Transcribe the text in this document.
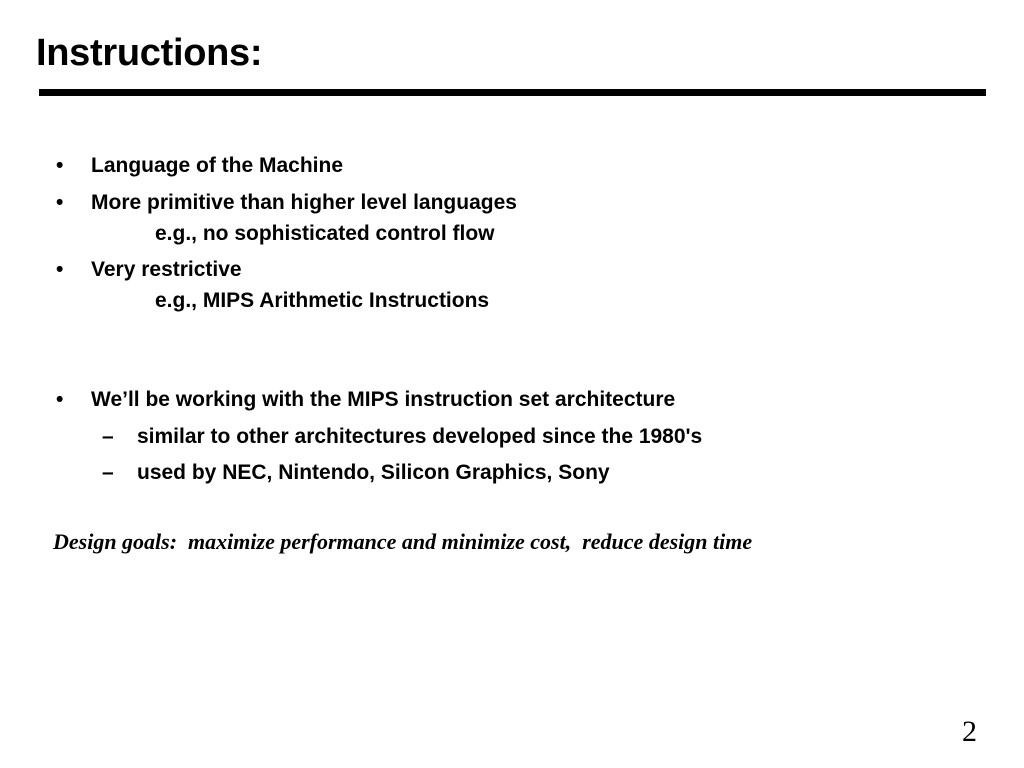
Instructions:
• Language of the Machine
• More primitive than higher level languages
e.g., no sophisticated control flow
• Very restrictive
e.g., MIPS Arithmetic Instructions
• We’ll be working with the MIPS instruction set architecture
– similar to other architectures developed since the 1980's
– used by NEC, Nintendo, Silicon Graphics, Sony
Design goals:  maximize performance and minimize cost,  reduce design time
2
